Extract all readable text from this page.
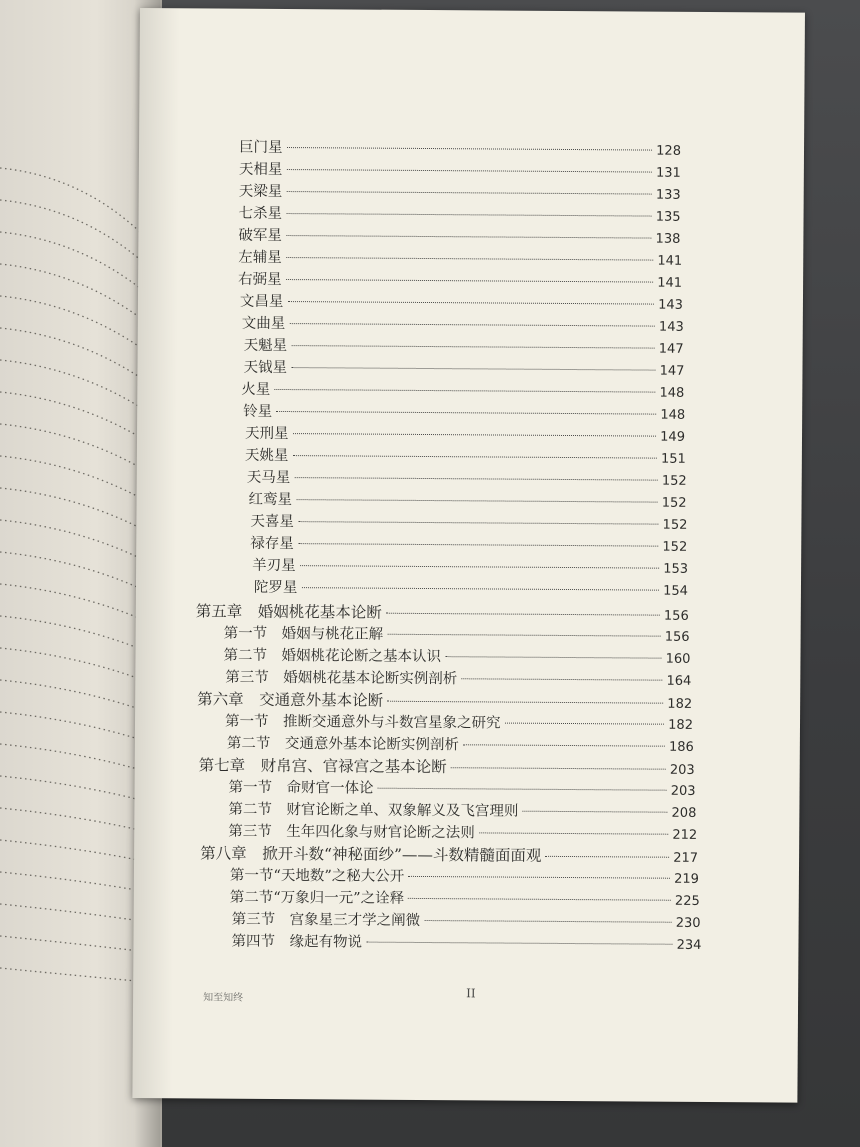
巨门星	128
天相星	131
天梁星	133
七杀星	135
破军星	138
左辅星	141
右弼星	141
文昌星	143
文曲星	143
天魁星	147
天钺星	147
火星	148
铃星	148
天刑星	149
天姚星	151
天马星	152
红鸾星	152
天喜星	152
禄存星	152
羊刃星	153
陀罗星	154
第五章　婚姻桃花基本论断	156
第一节　婚姻与桃花正解	156
第二节　婚姻桃花论断之基本认识	160
第三节　婚姻桃花基本论断实例剖析	164
第六章　交通意外基本论断	182
第一节　推断交通意外与斗数宫星象之研究	182
第二节　交通意外基本论断实例剖析	186
第七章　财帛宫、官禄宫之基本论断	203
第一节　命财官一体论	203
第二节　财官论断之单、双象解义及飞宫理则	208
第三节　生年四化象与财官论断之法则	212
第八章　掀开斗数“神秘面纱”——斗数精髓面面观	217
第一节“天地数”之秘大公开	219
第二节“万象归一元”之诠释	225
第三节　宫象星三才学之阐微	230
第四节　缘起有物说	234
知至知终	II
